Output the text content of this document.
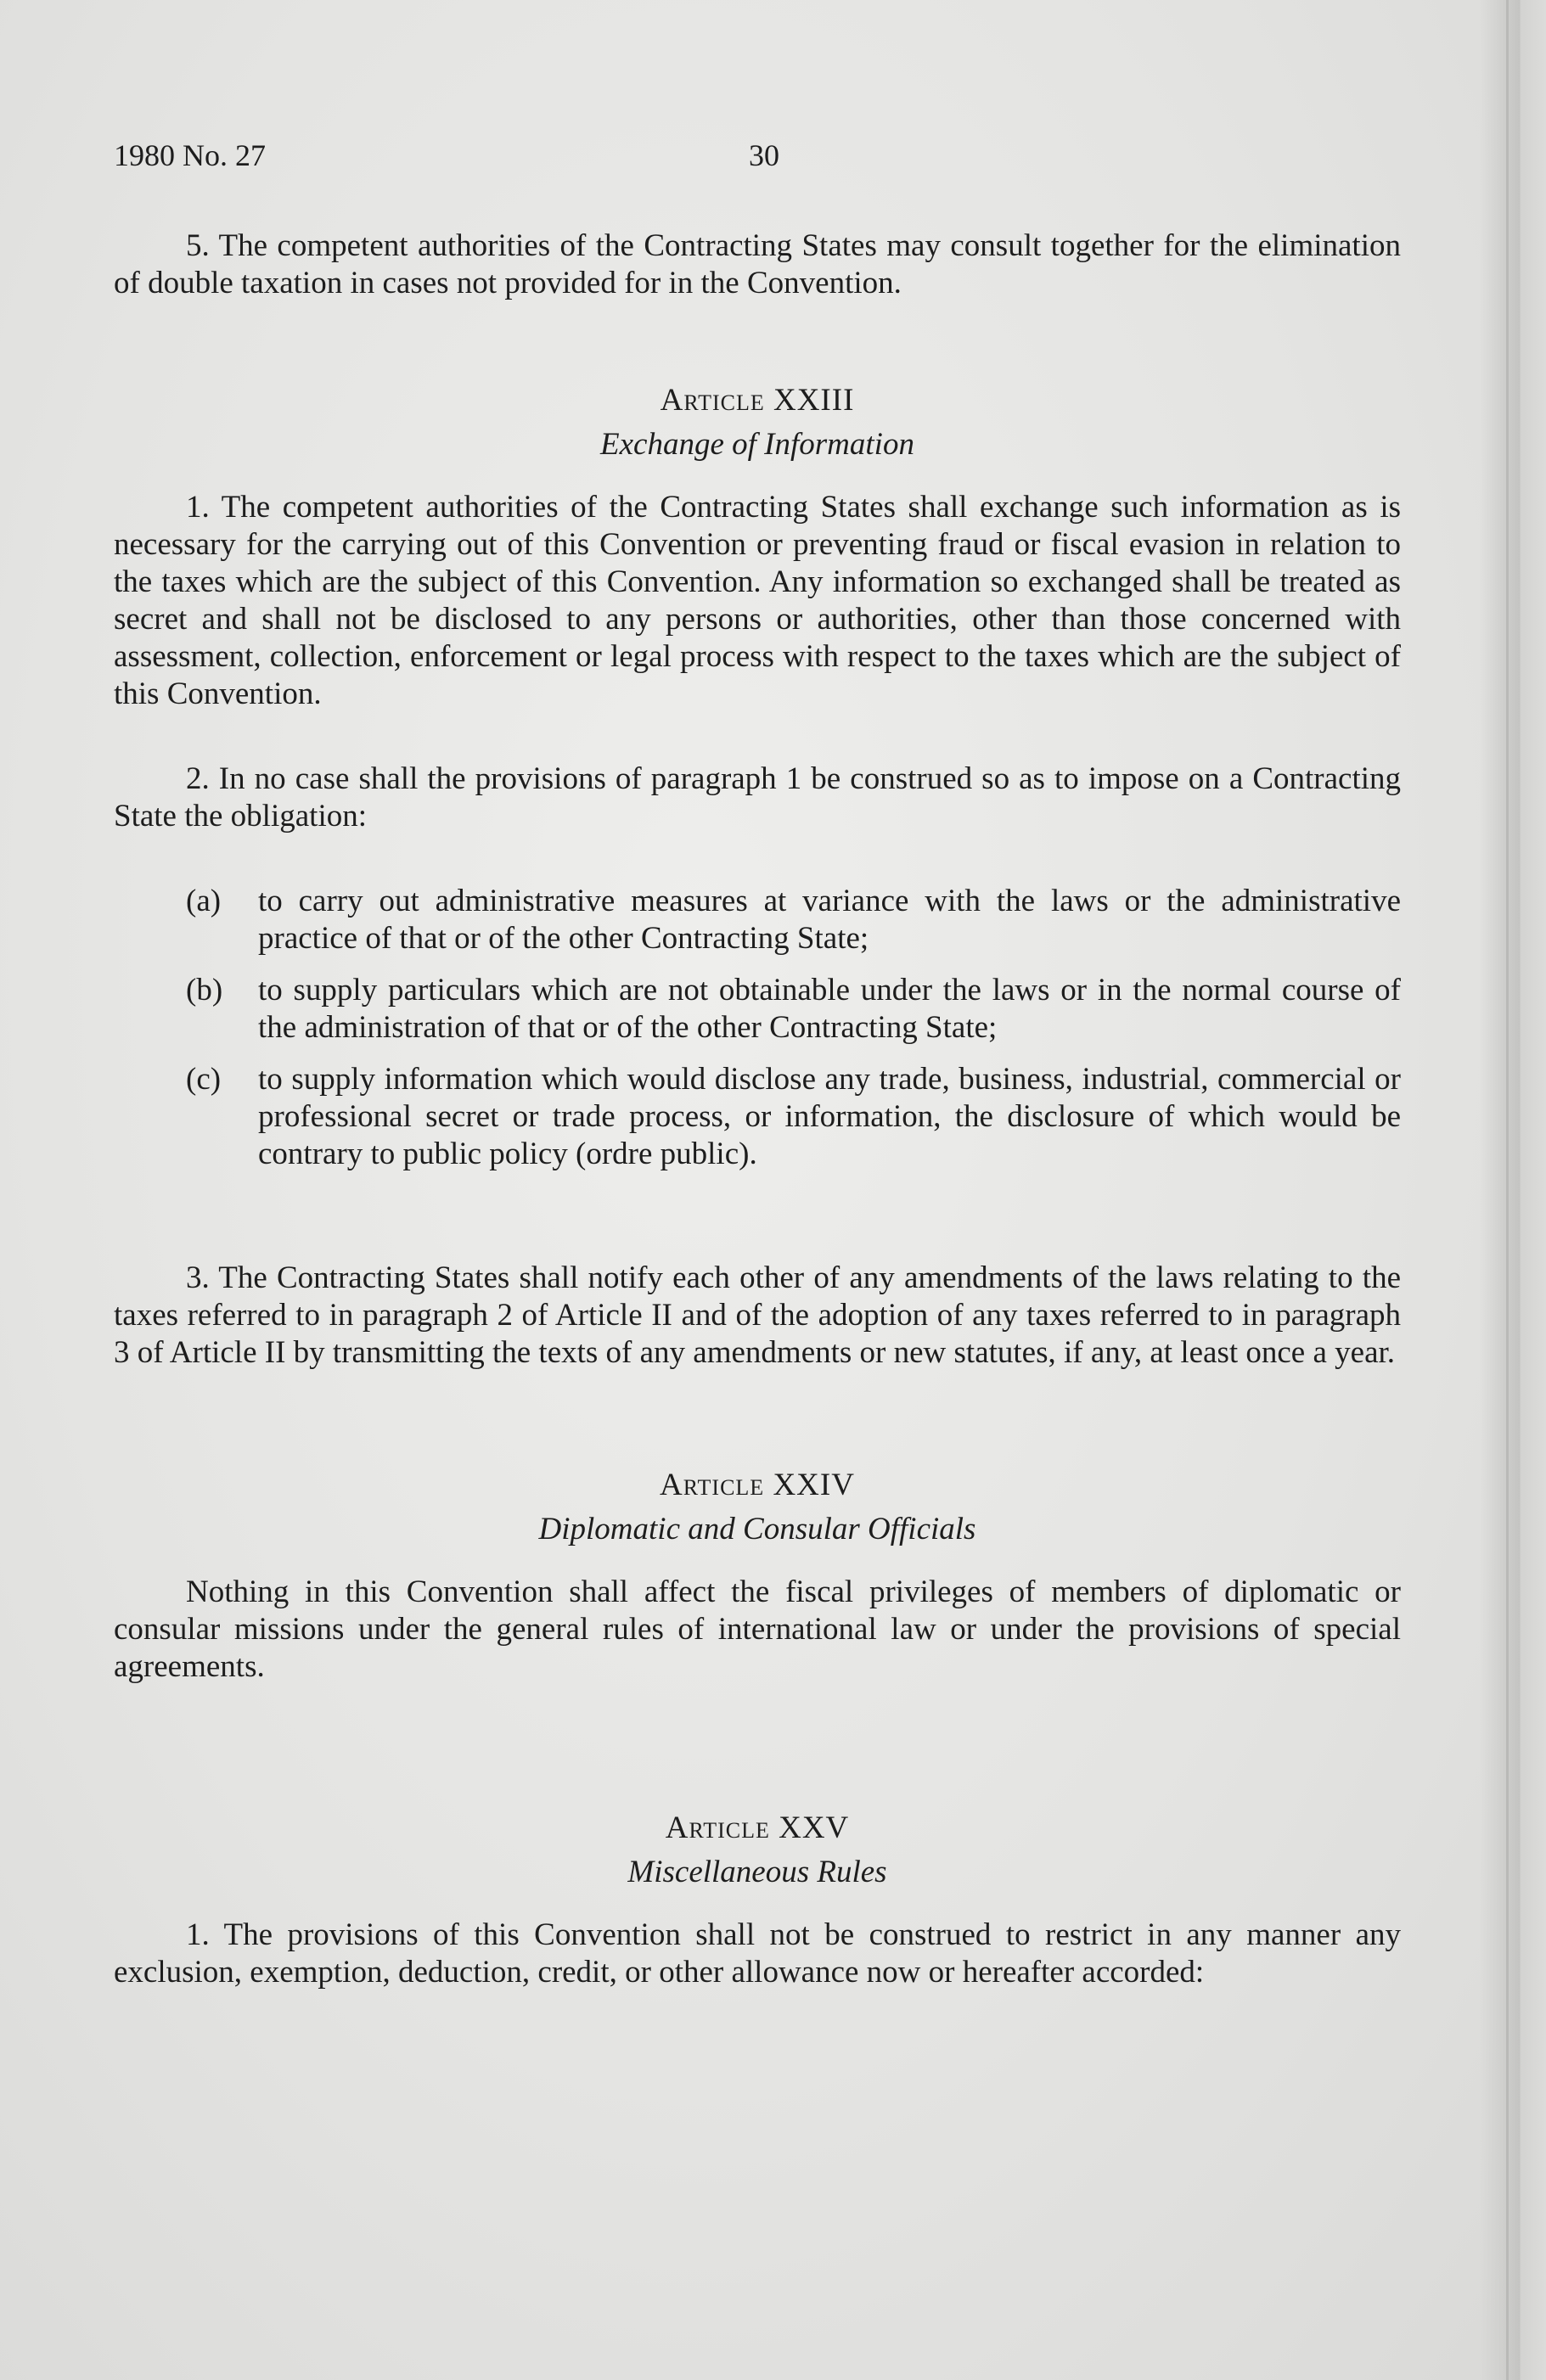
1980 No. 27	30

5. The competent authorities of the Contracting States may consult together for the elimination of double taxation in cases not provided for in the Convention.

Article XXIII

Exchange of Information

1. The competent authorities of the Contracting States shall exchange such information as is necessary for the carrying out of this Convention or preventing fraud or fiscal evasion in relation to the taxes which are the subject of this Convention. Any information so exchanged shall be treated as secret and shall not be disclosed to any persons or authorities, other than those concerned with assessment, collection, enforcement or legal process with respect to the taxes which are the subject of this Convention.

2. In no case shall the provisions of paragraph 1 be construed so as to impose on a Contracting State the obligation:

(a) to carry out administrative measures at variance with the laws or the administrative practice of that or of the other Contracting State;
(b) to supply particulars which are not obtainable under the laws or in the normal course of the administration of that or of the other Contracting State;
(c) to supply information which would disclose any trade, business, industrial, commercial or professional secret or trade process, or information, the disclosure of which would be contrary to public policy (ordre public).

3. The Contracting States shall notify each other of any amendments of the laws relating to the taxes referred to in paragraph 2 of Article II and of the adoption of any taxes referred to in paragraph 3 of Article II by transmitting the texts of any amendments or new statutes, if any, at least once a year.

Article XXIV

Diplomatic and Consular Officials

Nothing in this Convention shall affect the fiscal privileges of members of diplomatic or consular missions under the general rules of international law or under the provisions of special agreements.

Article XXV

Miscellaneous Rules

1. The provisions of this Convention shall not be construed to restrict in any manner any exclusion, exemption, deduction, credit, or other allowance now or hereafter accorded:
